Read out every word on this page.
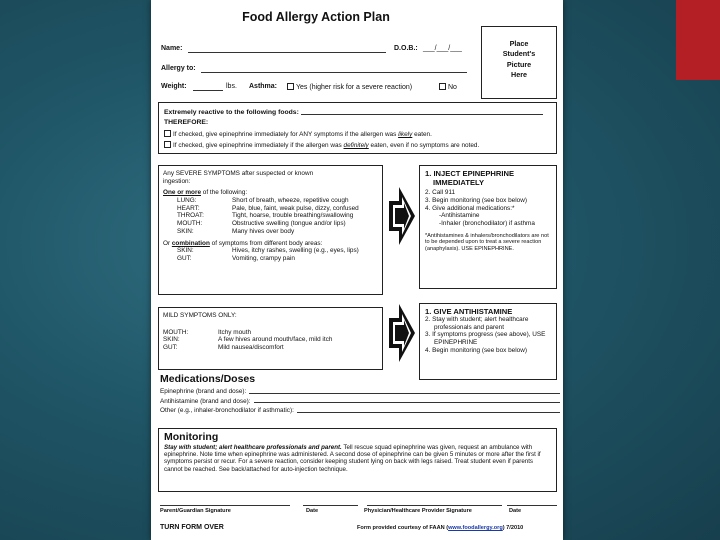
Food Allergy Action Plan
Name:	D.O.B.: ___/___/___
Allergy to:
Weight:	lbs. Asthma:	Yes (higher risk for a severe reaction)	No
Place
Student's
Picture
Here
Extremely reactive to the following foods:
THEREFORE:
If checked, give epinephrine immediately for ANY symptoms if the allergen was likely eaten.
If checked, give epinephrine immediately if the allergen was definitely eaten, even if no symptoms are noted.
Any SEVERE SYMPTOMS after suspected or known
ingestion:
One or more of the following:
LUNG:	Short of breath, wheeze, repetitive cough
HEART:	Pale, blue, faint, weak pulse, dizzy, confused
THROAT:	Tight, hoarse, trouble breathing/swallowing
MOUTH:	Obstructive swelling (tongue and/or lips)
SKIN:	Many hives over body
Or combination of symptoms from different body areas:
SKIN:	Hives, itchy rashes, swelling (e.g., eyes, lips)
GUT:	Vomiting, crampy pain
1. INJECT EPINEPHRINE IMMEDIATELY
2. Call 911
3. Begin monitoring (see box below)
4. Give additional medications:*
-Antihistamine
-Inhaler (bronchodilator) if asthma
*Antihistamines & inhalers/bronchodilators are not to be depended upon to treat a severe reaction (anaphylaxis). USE EPINEPHRINE.
MILD SYMPTOMS ONLY:
MOUTH:	Itchy mouth
SKIN:	A few hives around mouth/face, mild itch
GUT:	Mild nausea/discomfort
1. GIVE ANTIHISTAMINE
2. Stay with student; alert healthcare professionals and parent
3. If symptoms progress (see above), USE EPINEPHRINE
4. Begin monitoring (see box below)
Medications/Doses
Epinephrine (brand and dose):
Antihistamine (brand and dose):
Other (e.g., inhaler-bronchodilator if asthmatic):
Monitoring
Stay with student; alert healthcare professionals and parent. Tell rescue squad epinephrine was given, request an ambulance with epinephrine. Note time when epinephrine was administered. A second dose of epinephrine can be given 5 minutes or more after the first if symptoms persist or recur. For a severe reaction, consider keeping student lying on back with legs raised. Treat student even if parents cannot be reached. See back/attached for auto-injection technique.
Parent/Guardian Signature	Date	Physician/Healthcare Provider Signature	Date
TURN FORM OVER	Form provided courtesy of FAAN (www.foodallergy.org) 7/2010
